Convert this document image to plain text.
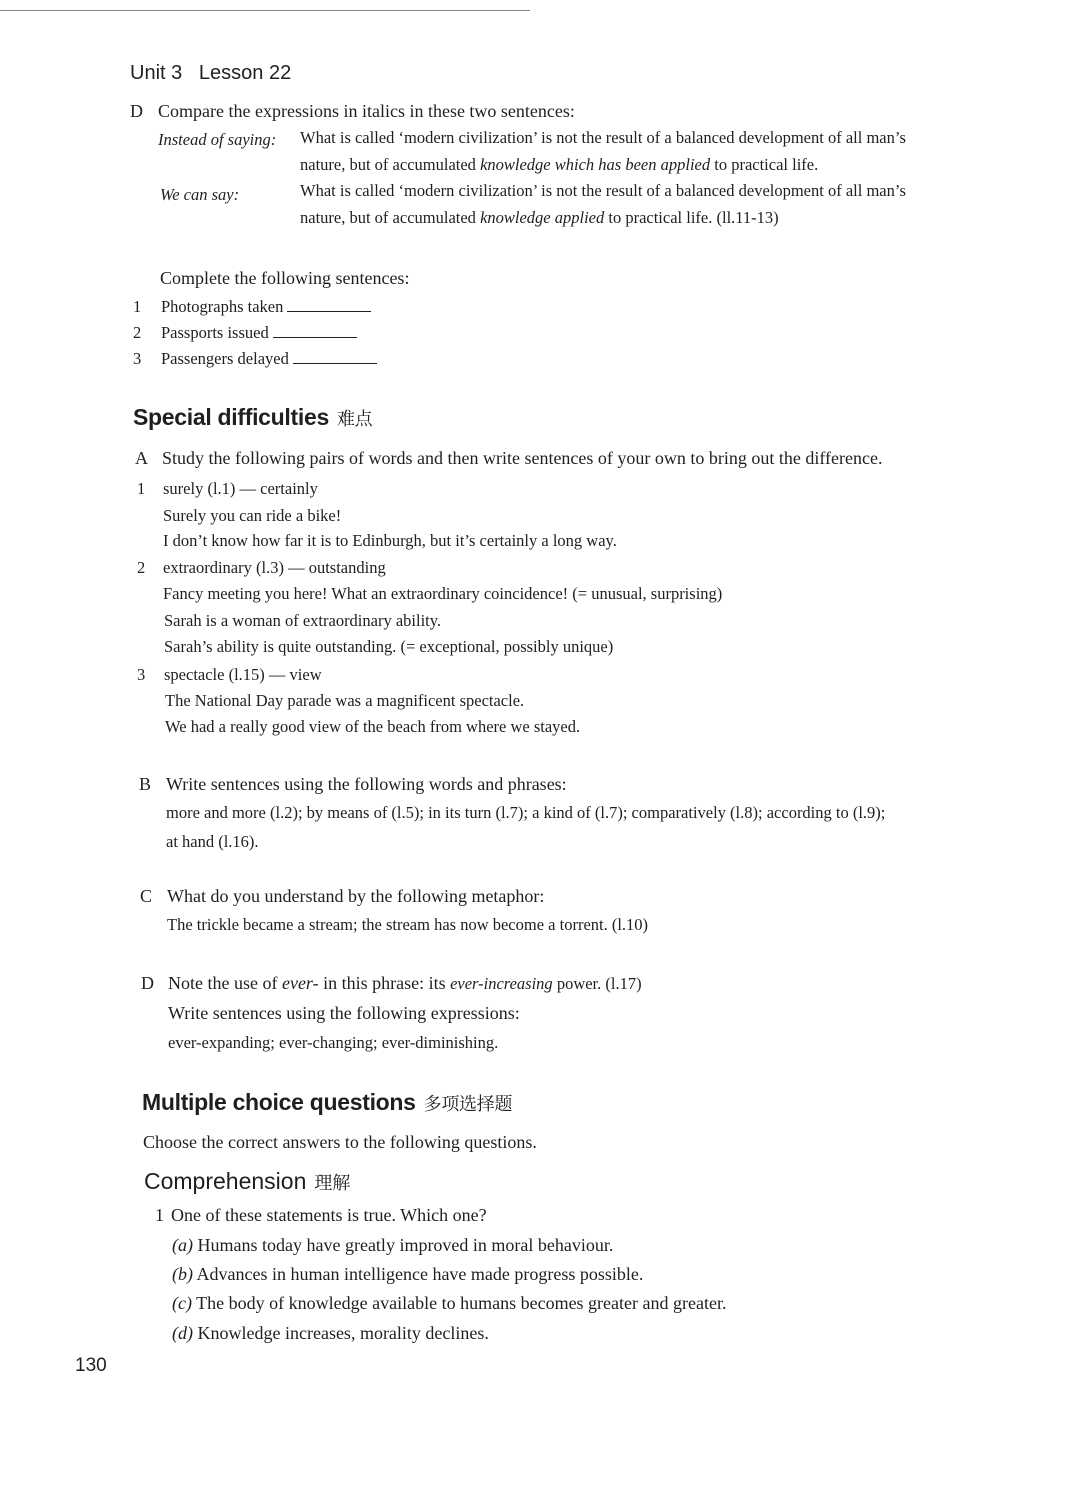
Unit 3 Lesson 22
D Compare the expressions in italics in these two sentences:
Instead of saying: What is called ‘modern civilization’ is not the result of a balanced development of all man’s
nature, but of accumulated knowledge which has been applied to practical life.
We can say:	What is called ‘modern civilization’ is not the result of a balanced development of all man’s
nature, but of accumulated knowledge applied to practical life. (ll.11-13)
Complete the following sentences:
1 Photographs taken
2 Passports issued
3 Passengers delayed
Special difficulties 难点
A Study the following pairs of words and then write sentences of your own to bring out the difference.
1 surely (l.1) — certainly
Surely you can ride a bike!
I don’t know how far it is to Edinburgh, but it’s certainly a long way.
2 extraordinary (l.3) — outstanding
Fancy meeting you here! What an extraordinary coincidence! (= unusual, surprising)
Sarah is a woman of extraordinary ability.
Sarah’s ability is quite outstanding. (= exceptional, possibly unique)
3 spectacle (l.15) — view
The National Day parade was a magnificent spectacle.
We had a really good view of the beach from where we stayed.
B Write sentences using the following words and phrases:
more and more (l.2); by means of (l.5); in its turn (l.7); a kind of (l.7); comparatively (l.8); according to (l.9);
at hand (l.16).
C What do you understand by the following metaphor:
The trickle became a stream; the stream has now become a torrent. (l.10)
D Note the use of ever- in this phrase: its ever-increasing power. (l.17)
Write sentences using the following expressions:
ever-expanding; ever-changing; ever-diminishing.
Multiple choice questions 多项选择题
Choose the correct answers to the following questions.
Comprehension 理解
1 One of these statements is true. Which one?
(a) Humans today have greatly improved in moral behaviour.
(b) Advances in human intelligence have made progress possible.
(c) The body of knowledge available to humans becomes greater and greater.
(d) Knowledge increases, morality declines.
130
